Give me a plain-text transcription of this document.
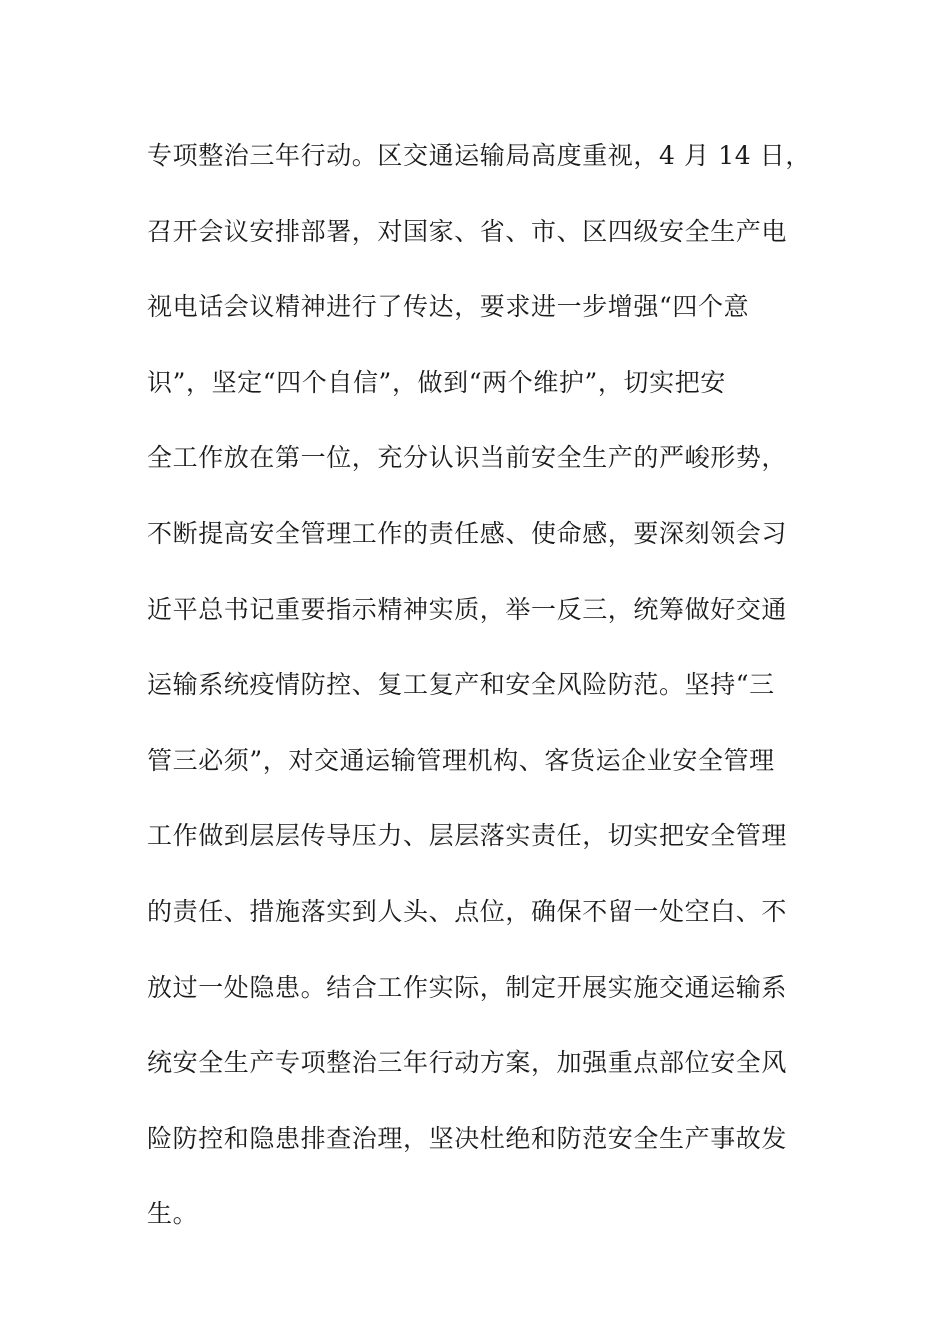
专项整治三年行动。区交通运输局高度重视，4 月 14 日，

召开会议安排部署，对国家、省、市、区四级安全生产电

视电话会议精神进行了传达，要求进一步增强“四个意

识”，坚定“四个自信”，做到“两个维护”，切实把安

全工作放在第一位，充分认识当前安全生产的严峻形势，

不断提高安全管理工作的责任感、使命感，要深刻领会习

近平总书记重要指示精神实质，举一反三，统筹做好交通

运输系统疫情防控、复工复产和安全风险防范。坚持“三

管三必须”，对交通运输管理机构、客货运企业安全管理

工作做到层层传导压力、层层落实责任，切实把安全管理

的责任、措施落实到人头、点位，确保不留一处空白、不

放过一处隐患。结合工作实际，制定开展实施交通运输系

统安全生产专项整治三年行动方案，加强重点部位安全风

险防控和隐患排查治理，坚决杜绝和防范安全生产事故发

生。
